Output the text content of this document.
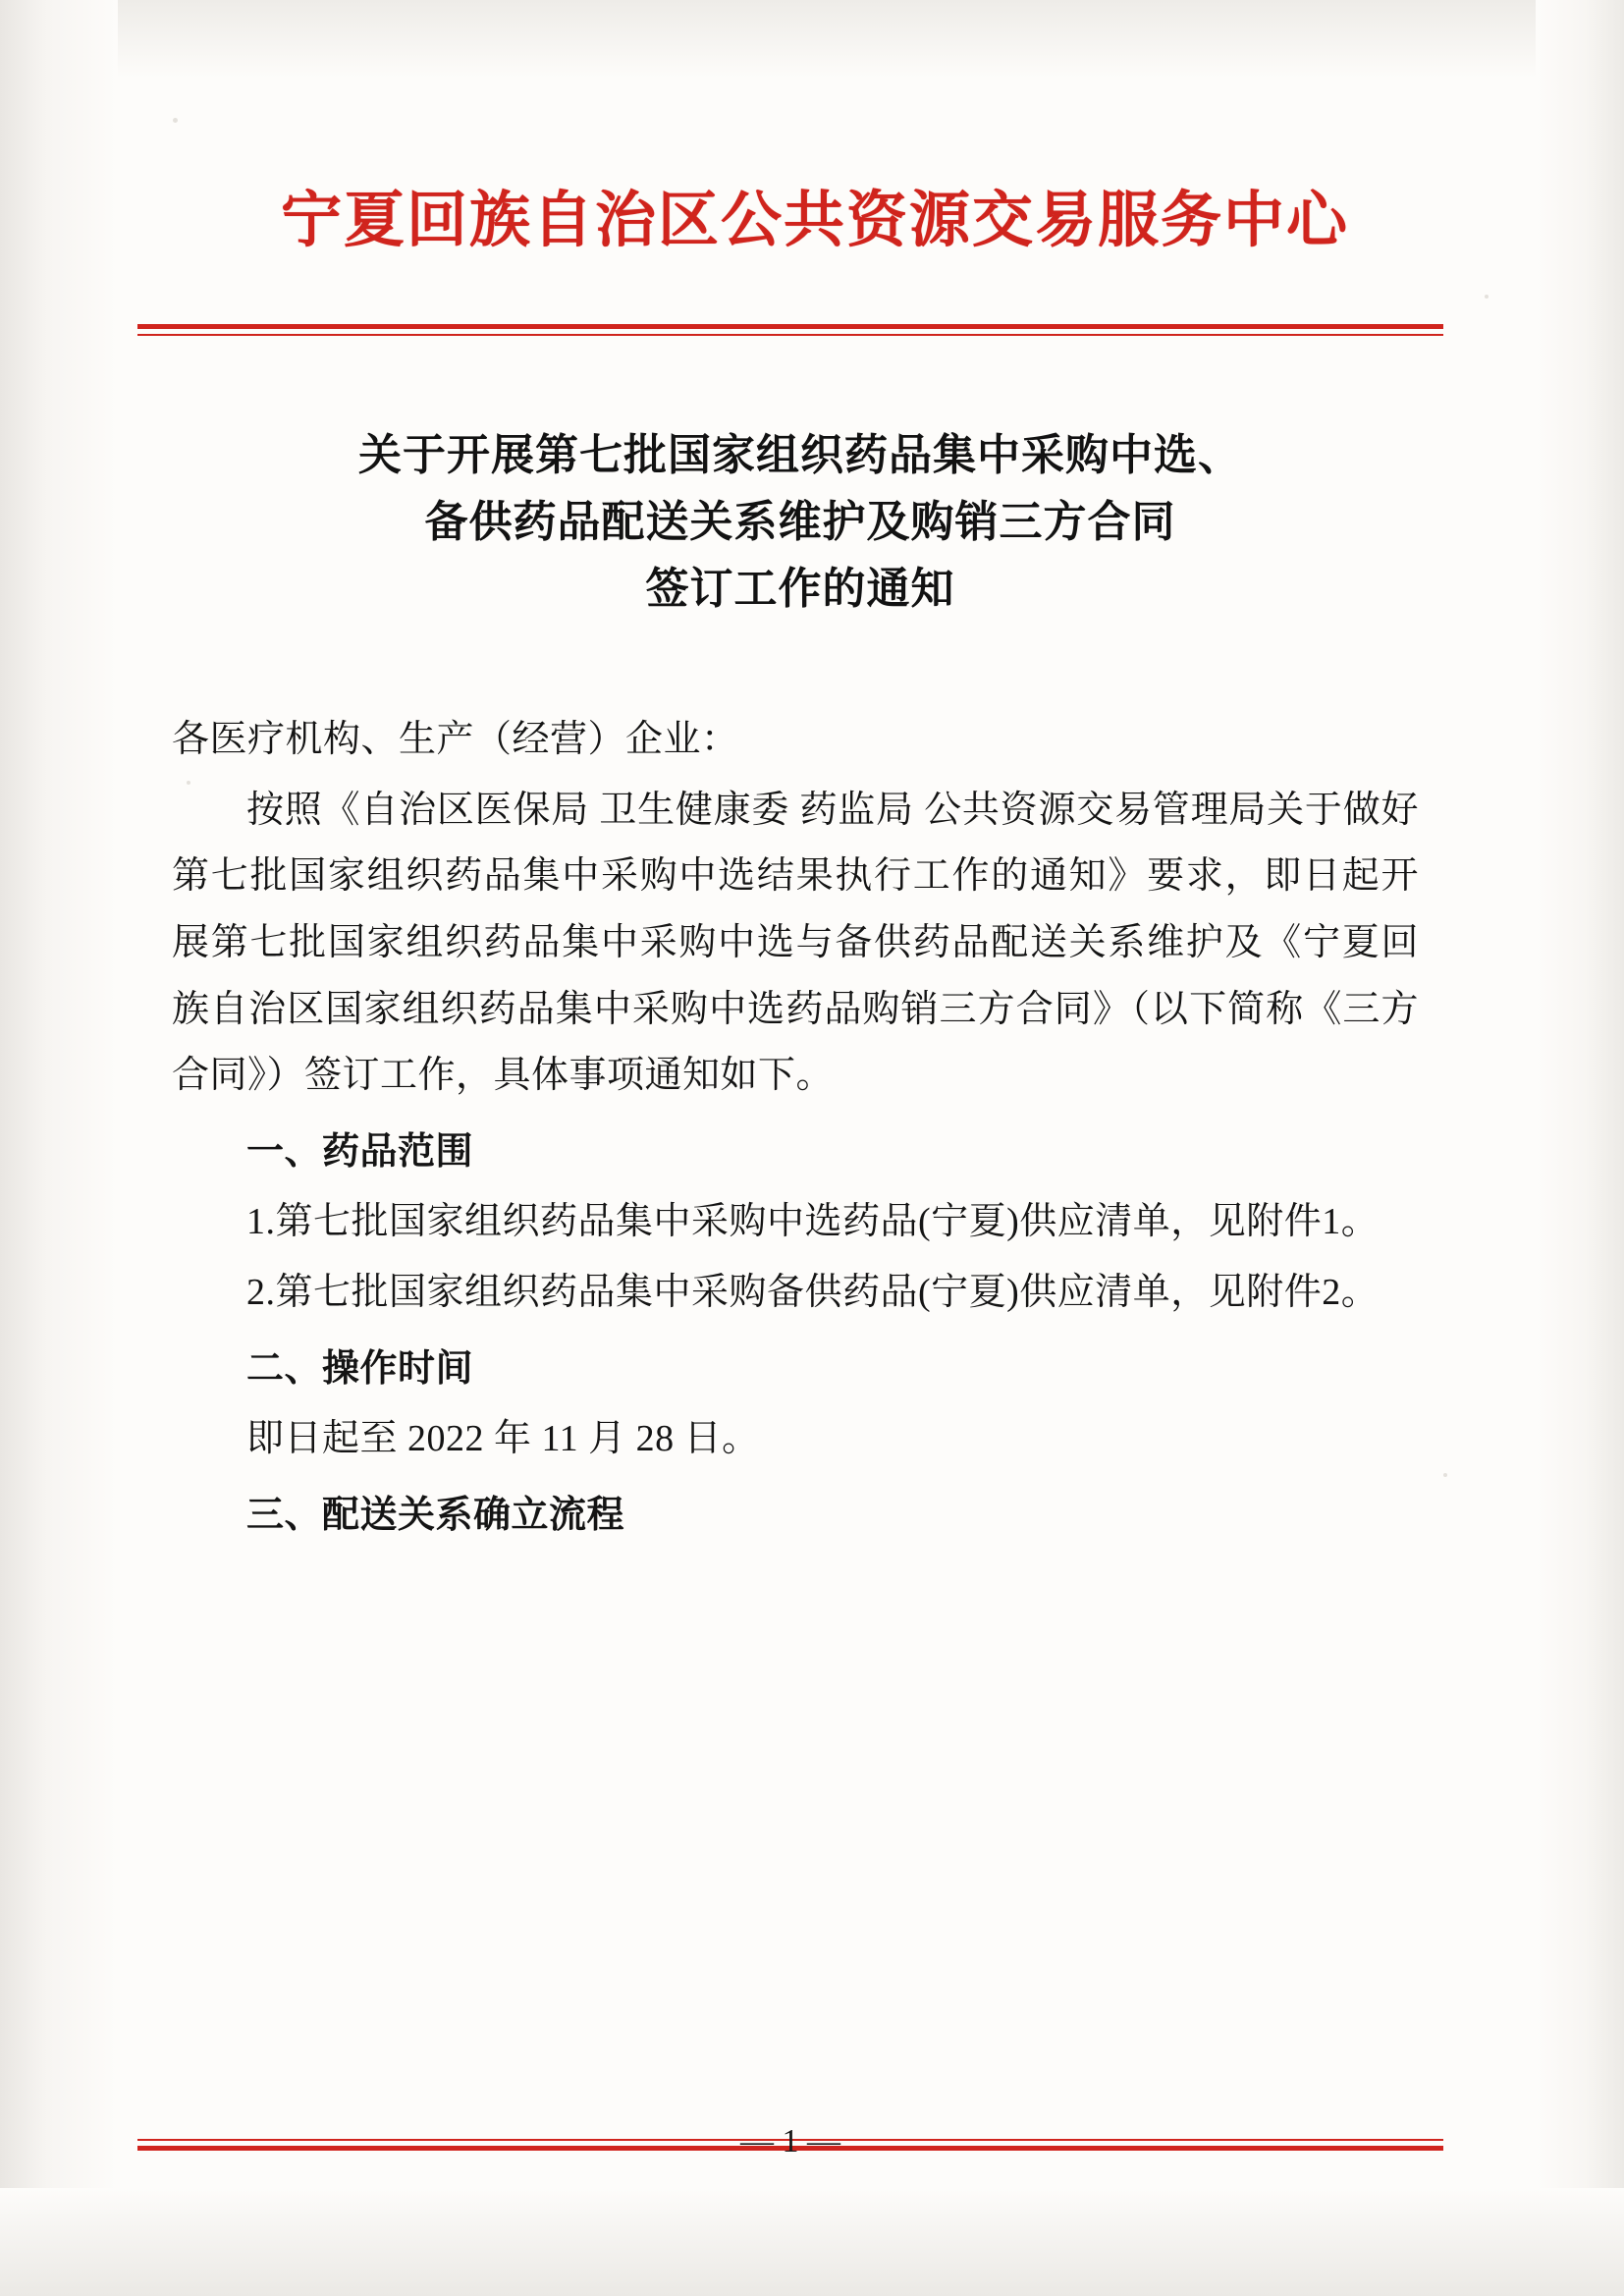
宁夏回族自治区公共资源交易服务中心
关于开展第七批国家组织药品集中采购中选、
备供药品配送关系维护及购销三方合同
签订工作的通知

各医疗机构、生产（经营）企业：

按照《自治区医保局 卫生健康委 药监局 公共资源交易管理局关于做好第七批国家组织药品集中采购中选结果执行工作的通知》要求，即日起开展第七批国家组织药品集中采购中选与备供药品配送关系维护及《宁夏回族自治区国家组织药品集中采购中选药品购销三方合同》（以下简称《三方合同》）签订工作，具体事项通知如下。

一、药品范围

1.第七批国家组织药品集中采购中选药品(宁夏)供应清单，见附件1。

2.第七批国家组织药品集中采购备供药品(宁夏)供应清单，见附件2。

二、操作时间

即日起至 2022 年 11 月 28 日。

三、配送关系确立流程

— 1 —
